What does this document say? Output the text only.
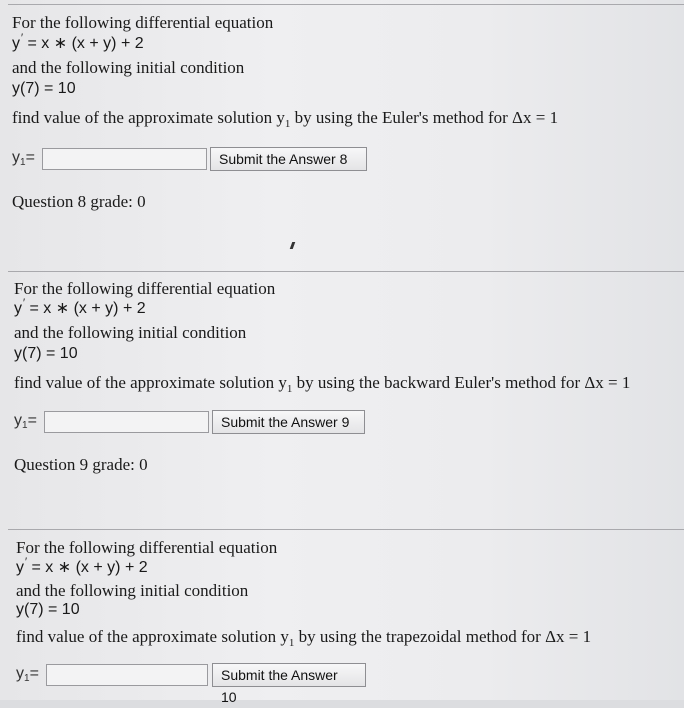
For the following differential equation
y′ = x ∗ (x + y) + 2
and the following initial condition
y(7) = 10
find value of the approximate solution $y_1$ by using the Euler's method for Δx = 1
y1=	Submit the Answer 8
Question 8 grade: 0
For the following differential equation
y′ = x ∗ (x + y) + 2
and the following initial condition
y(7) = 10
find value of the approximate solution $y_1$ by using the backward Euler's method for Δx = 1
y1=	Submit the Answer 9
Question 9 grade: 0
For the following differential equation
y′ = x ∗ (x + y) + 2
and the following initial condition
y(7) = 10
find value of the approximate solution $y_1$ by using the trapezoidal method for Δx = 1
y1=	Submit the Answer 10
